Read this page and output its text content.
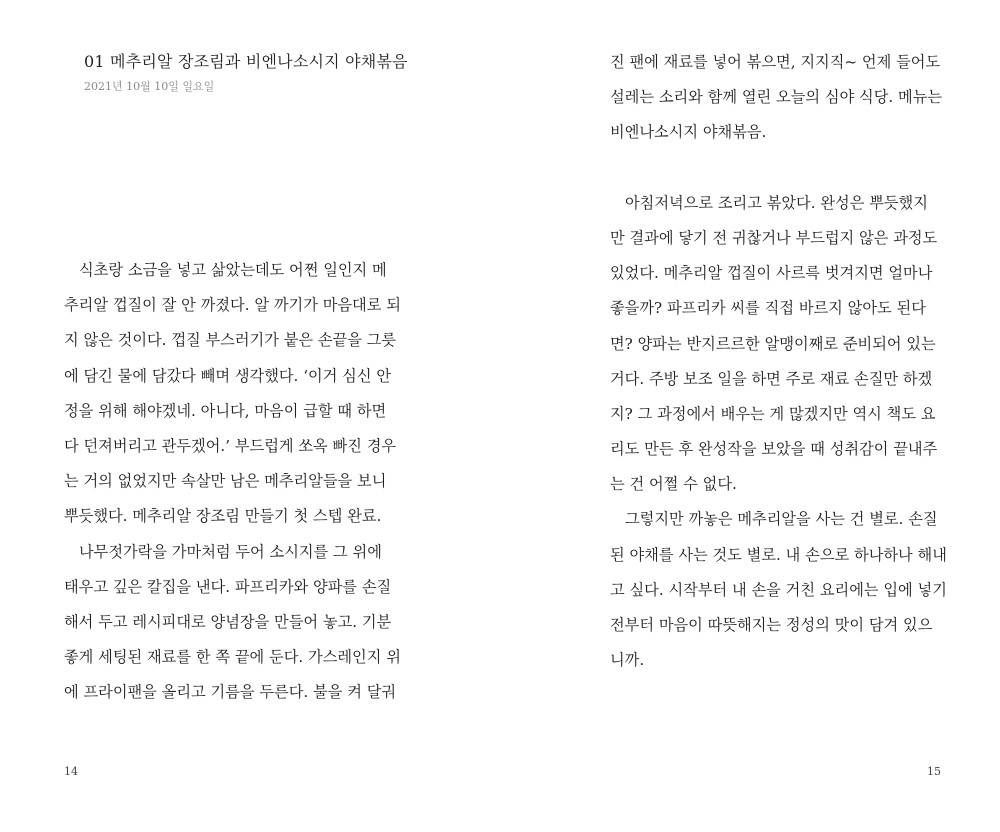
01 메추리알 장조림과 비엔나소시지 야채볶음
2021년 10월 10일 일요일
식초랑 소금을 넣고 삶았는데도 어쩐 일인지 메
추리알 껍질이 잘 안 까졌다. 알 까기가 마음대로 되
지 않은 것이다. 껍질 부스러기가 붙은 손끝을 그릇
에 담긴 물에 담갔다 빼며 생각했다. ‘이거 심신 안
정을 위해 해야겠네. 아니다, 마음이 급할 때 하면
다 던져버리고 관두겠어.’ 부드럽게 쏘옥 빠진 경우
는 거의 없었지만 속살만 남은 메추리알들을 보니
뿌듯했다. 메추리알 장조림 만들기 첫 스텝 완료.
나무젓가락을 가마처럼 두어 소시지를 그 위에
태우고 깊은 칼집을 낸다. 파프리카와 양파를 손질
해서 두고 레시피대로 양념장을 만들어 놓고. 기분
좋게 세팅된 재료를 한 쪽 끝에 둔다. 가스레인지 위
에 프라이팬을 올리고 기름을 두른다. 불을 켜 달궈
14
진 팬에 재료를 넣어 볶으면, 지지직~ 언제 들어도
설레는 소리와 함께 열린 오늘의 심야 식당. 메뉴는
비엔나소시지 야채볶음.
아침저녁으로 조리고 볶았다. 완성은 뿌듯했지
만 결과에 닿기 전 귀찮거나 부드럽지 않은 과정도
있었다. 메추리알 껍질이 사르륵 벗겨지면 얼마나
좋을까? 파프리카 씨를 직접 바르지 않아도 된다
면? 양파는 반지르르한 알맹이째로 준비되어 있는
거다. 주방 보조 일을 하면 주로 재료 손질만 하겠
지? 그 과정에서 배우는 게 많겠지만 역시 책도 요
리도 만든 후 완성작을 보았을 때 성취감이 끝내주
는 건 어쩔 수 없다.
그렇지만 까놓은 메추리알을 사는 건 별로. 손질
된 야채를 사는 것도 별로. 내 손으로 하나하나 해내
고 싶다. 시작부터 내 손을 거친 요리에는 입에 넣기
전부터 마음이 따뜻해지는 정성의 맛이 담겨 있으
니까.
15
